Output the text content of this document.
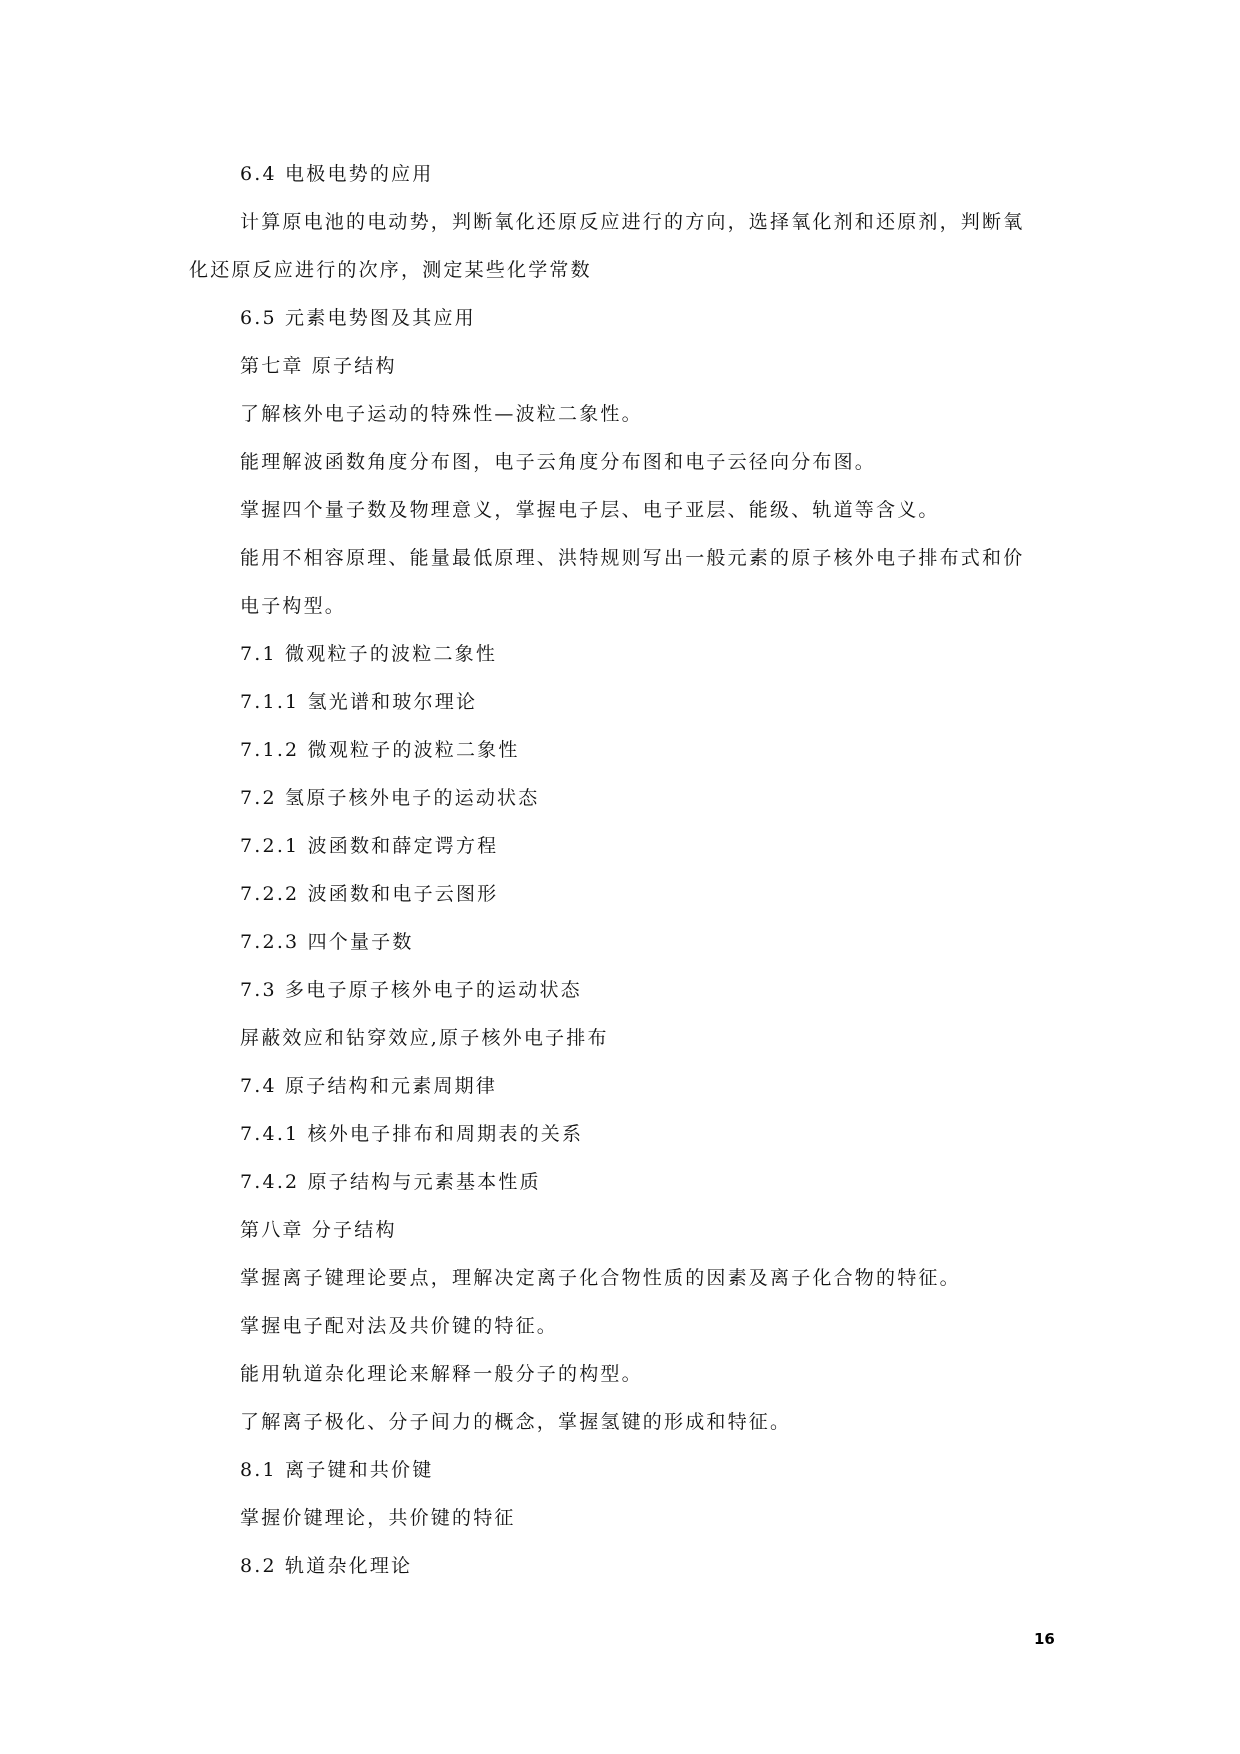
6.4 电极电势的应用
计算原电池的电动势，判断氧化还原反应进行的方向，选择氧化剂和还原剂，判断氧
化还原反应进行的次序，测定某些化学常数
6.5 元素电势图及其应用
第七章 原子结构
了解核外电子运动的特殊性—波粒二象性。
能理解波函数角度分布图，电子云角度分布图和电子云径向分布图。
掌握四个量子数及物理意义，掌握电子层、电子亚层、能级、轨道等含义。
能用不相容原理、能量最低原理、洪特规则写出一般元素的原子核外电子排布式和价
电子构型。
7.1 微观粒子的波粒二象性
7.1.1 氢光谱和玻尔理论
7.1.2 微观粒子的波粒二象性
7.2 氢原子核外电子的运动状态
7.2.1 波函数和薛定谔方程
7.2.2 波函数和电子云图形
7.2.3 四个量子数
7.3 多电子原子核外电子的运动状态
屏蔽效应和钻穿效应,原子核外电子排布
7.4 原子结构和元素周期律
7.4.1 核外电子排布和周期表的关系
7.4.2 原子结构与元素基本性质
第八章 分子结构
掌握离子键理论要点，理解决定离子化合物性质的因素及离子化合物的特征。
掌握电子配对法及共价键的特征。
能用轨道杂化理论来解释一般分子的构型。
了解离子极化、分子间力的概念，掌握氢键的形成和特征。
8.1 离子键和共价键
掌握价键理论，共价键的特征
8.2 轨道杂化理论
16
